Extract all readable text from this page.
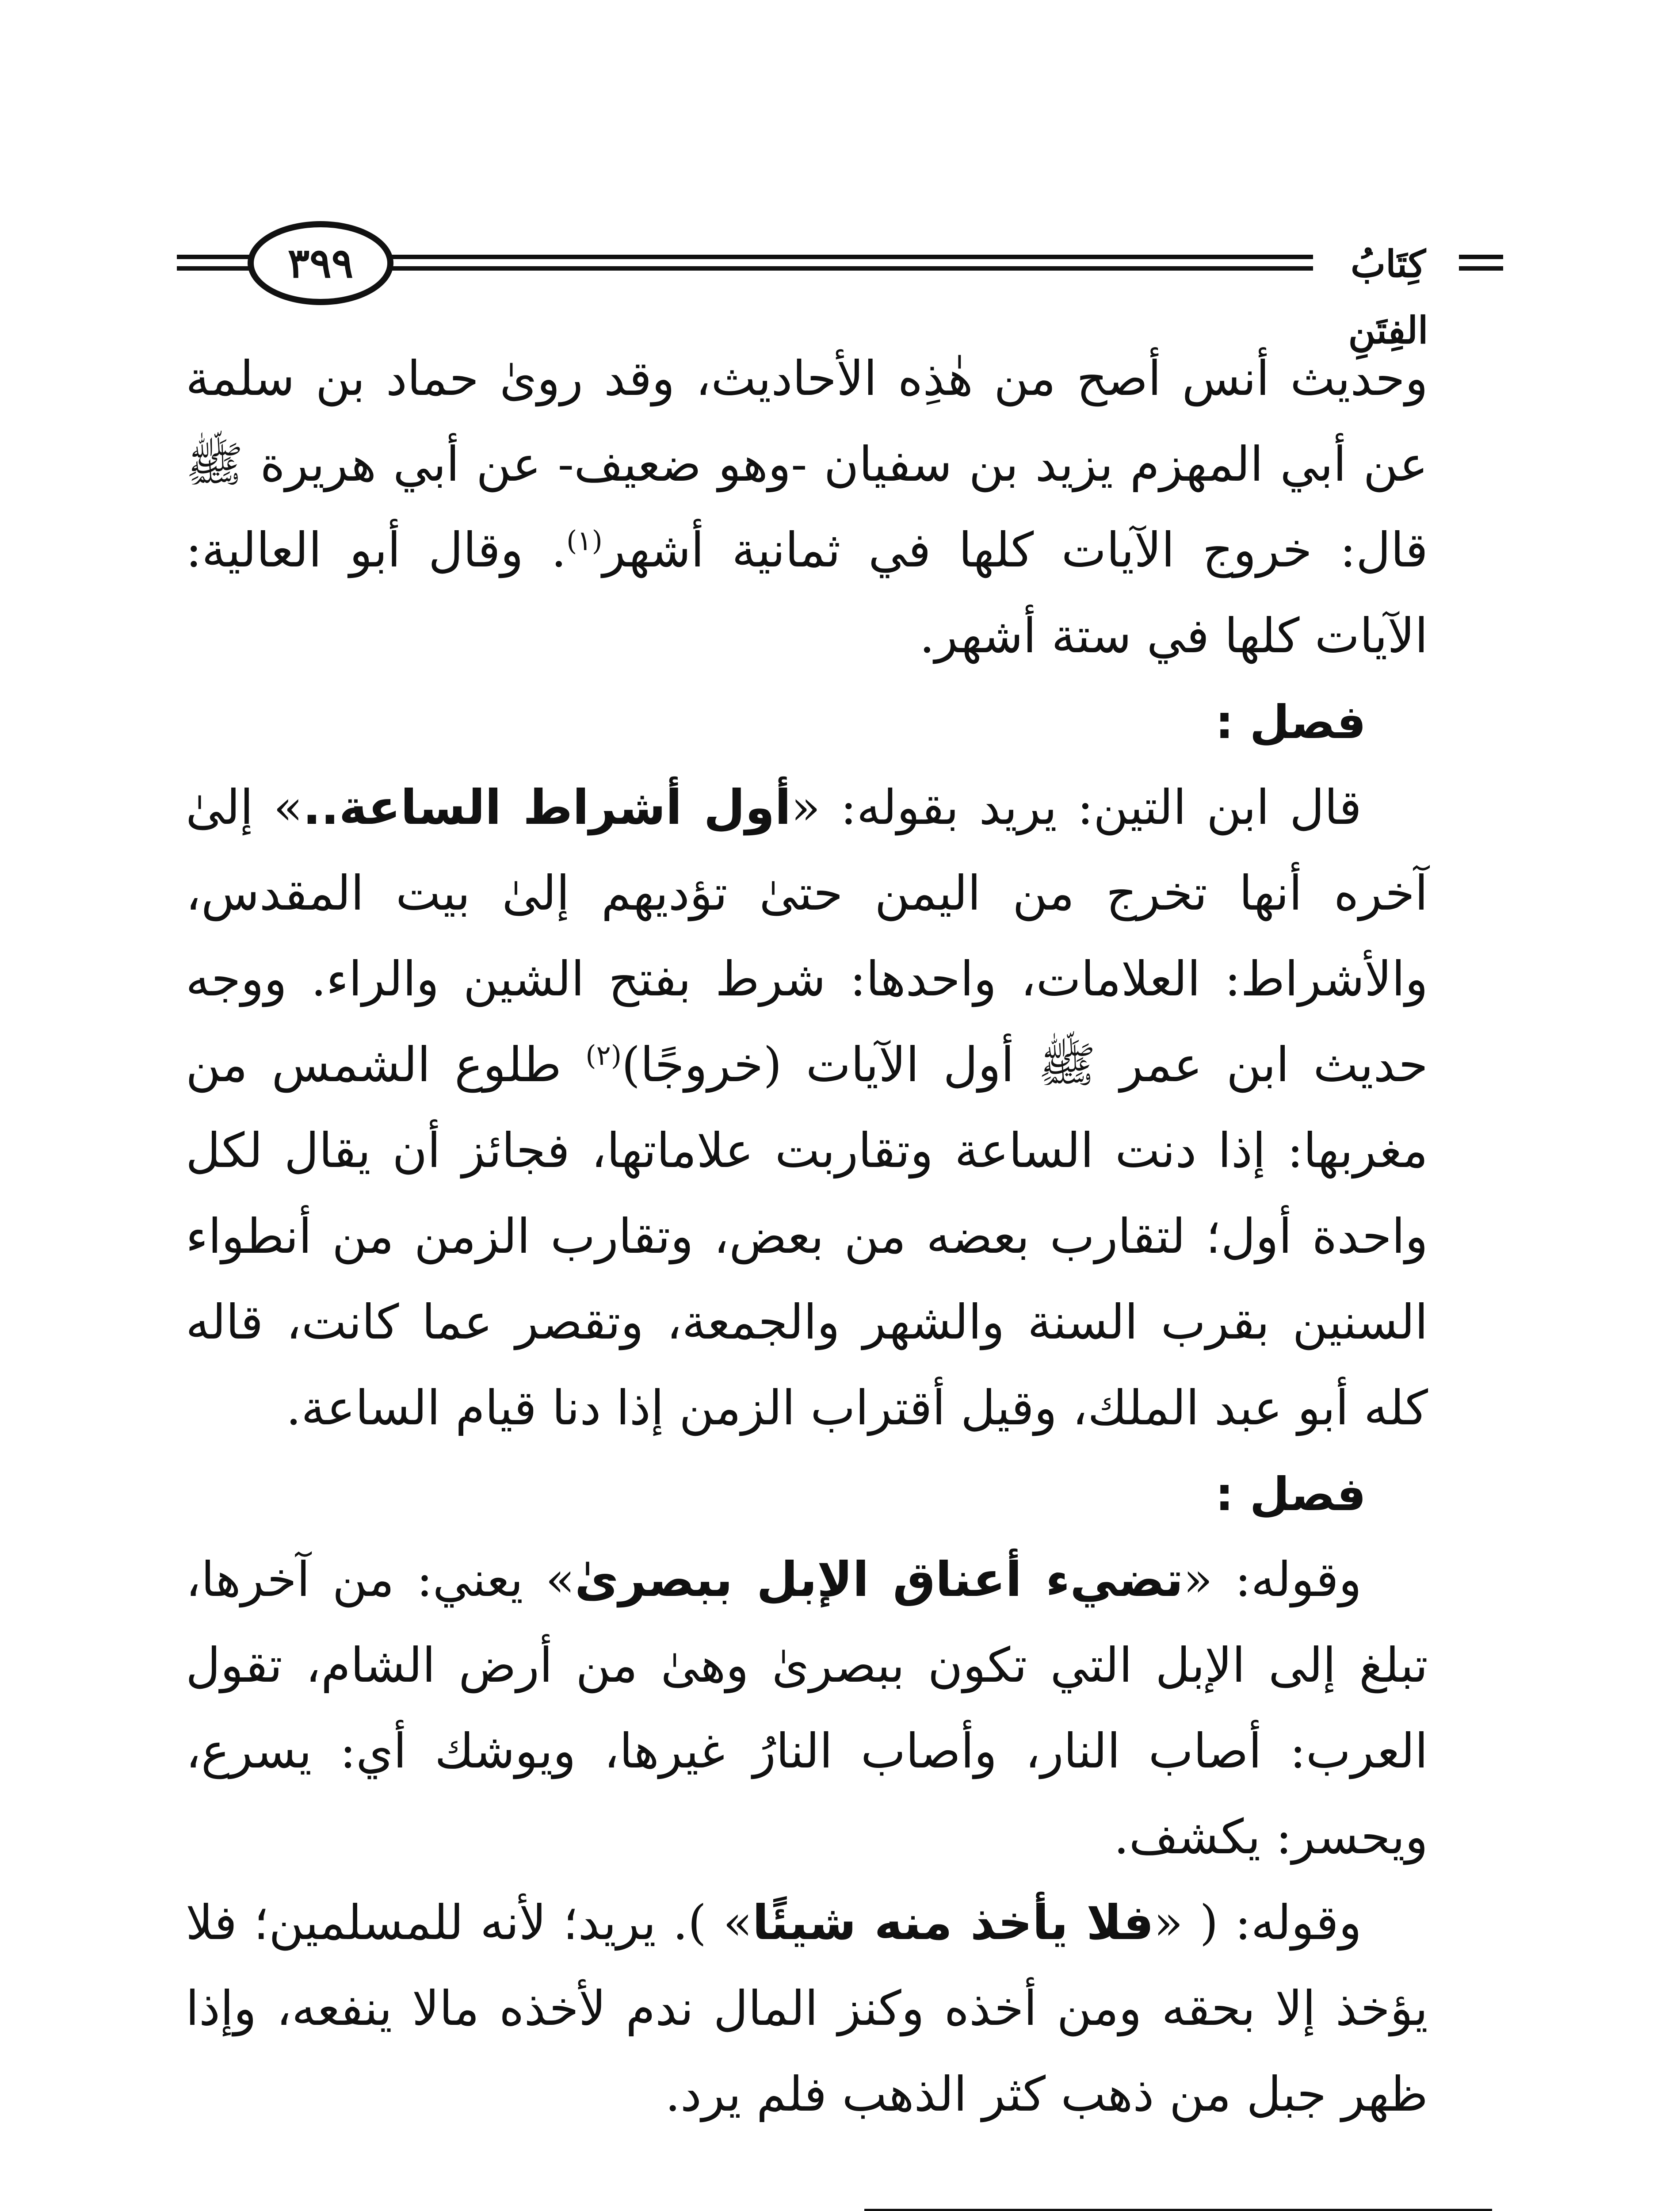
٣٩٩	كِتَابُ الفِتَنِ

وحديث أنس أصح من هٰذِه الأحاديث، وقد روىٰ حماد بن سلمة عن أبي المهزم يزيد بن سفيان -وهو ضعيف- عن أبي هريرة ﷺ قال: خروج الآيات كلها في ثمانية أشهر$^{(١)}$. وقال أبو العالية: الآيات كلها في ستة أشهر.

فصل :

قال ابن التين: يريد بقوله: «أول أشراط الساعة..» إلىٰ آخره أنها تخرج من اليمن حتىٰ تؤديهم إلىٰ بيت المقدس، والأشراط: العلامات، واحدها: شرط بفتح الشين والراء. ووجه حديث ابن عمر ﷺ أول الآيات (خروجًا)$^{(٢)}$ طلوع الشمس من مغربها: إذا دنت الساعة وتقاربت علاماتها، فجائز أن يقال لكل واحدة أول؛ لتقارب بعضه من بعض، وتقارب الزمن من أنطواء السنين بقرب السنة والشهر والجمعة، وتقصر عما كانت، قاله كله أبو عبد الملك، وقيل أقتراب الزمن إذا دنا قيام الساعة.

فصل :

وقوله: «تضيء أعناق الإبل ببصرىٰ» يعني: من آخرها، تبلغ إلى الإبل التي تكون ببصرىٰ وهىٰ من أرض الشام، تقول العرب: أصاب النار، وأصاب النارُ غيرها، ويوشك أي: يسرع، ويحسر: يكشف.

وقوله: ( «فلا يأخذ منه شيئًا» ). يريد؛ لأنه للمسلمين؛ فلا يؤخذ إلا بحقه ومن أخذه وكنز المال ندم لأخذه مالا ينفعه، وإذا ظهر جبل من ذهب كثر الذهب فلم يرد.
